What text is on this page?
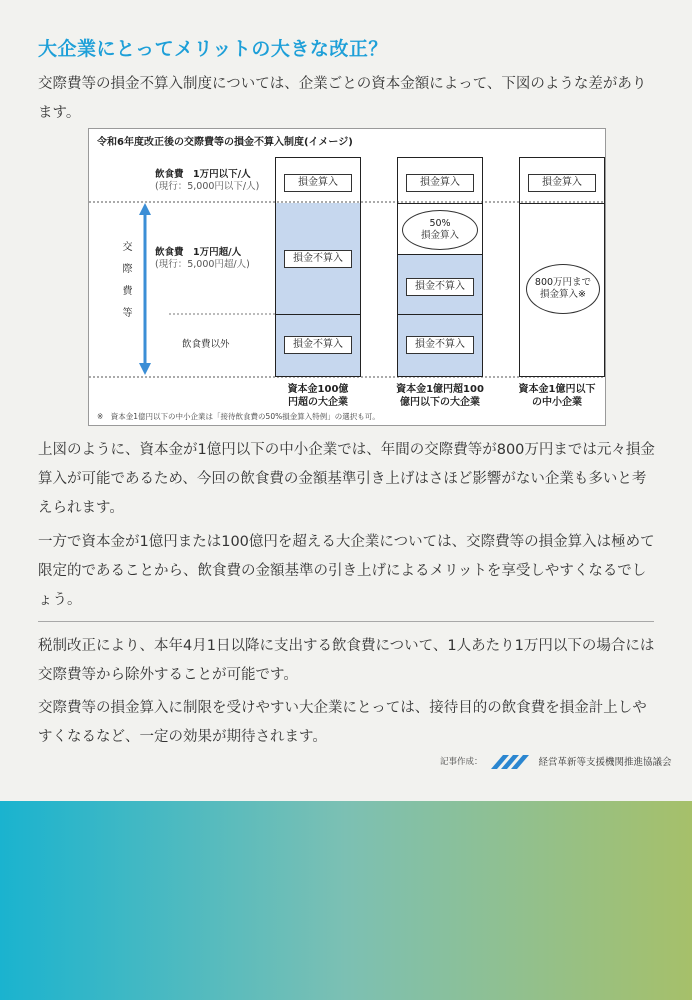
大企業にとってメリットの大きな改正？
交際費等の損金不算入制度については、企業ごとの資本金額によって、下図のような差があります。
令和6年度改正後の交際費等の損金不算入制度(イメージ)
飲食費　1万円以下/人
(現行：5,000円以下/人)
飲食費　1万円超/人
(現行：5,000円超/人)
飲食費以外
交際費等
損金算入
損金不算入
損金不算入
損金算入
50%
損金算入
損金不算入
損金不算入
損金算入
800万円まで
損金算入※
資本金100億
円超の大企業
資本金1億円超100
億円以下の大企業
資本金1億円以下
の中小企業
※　資本金1億円以下の中小企業は「接待飲食費の50%損金算入特例」の選択も可。
上図のように、資本金が1億円以下の中小企業では、年間の交際費等が800万円までは元々損金算入が可能であるため、今回の飲食費の金額基準引き上げはさほど影響がない企業も多いと考えられます。
一方で資本金が1億円または100億円を超える大企業については、交際費等の損金算入は極めて限定的であることから、飲食費の金額基準の引き上げによるメリットを享受しやすくなるでしょう。
税制改正により、本年4月1日以降に支出する飲食費について、1人あたり1万円以下の場合には交際費等から除外することが可能です。
交際費等の損金算入に制限を受けやすい大企業にとっては、接待目的の飲食費を損金計上しやすくなるなど、一定の効果が期待されます。
記事作成：	経営革新等支援機関推進協議会
